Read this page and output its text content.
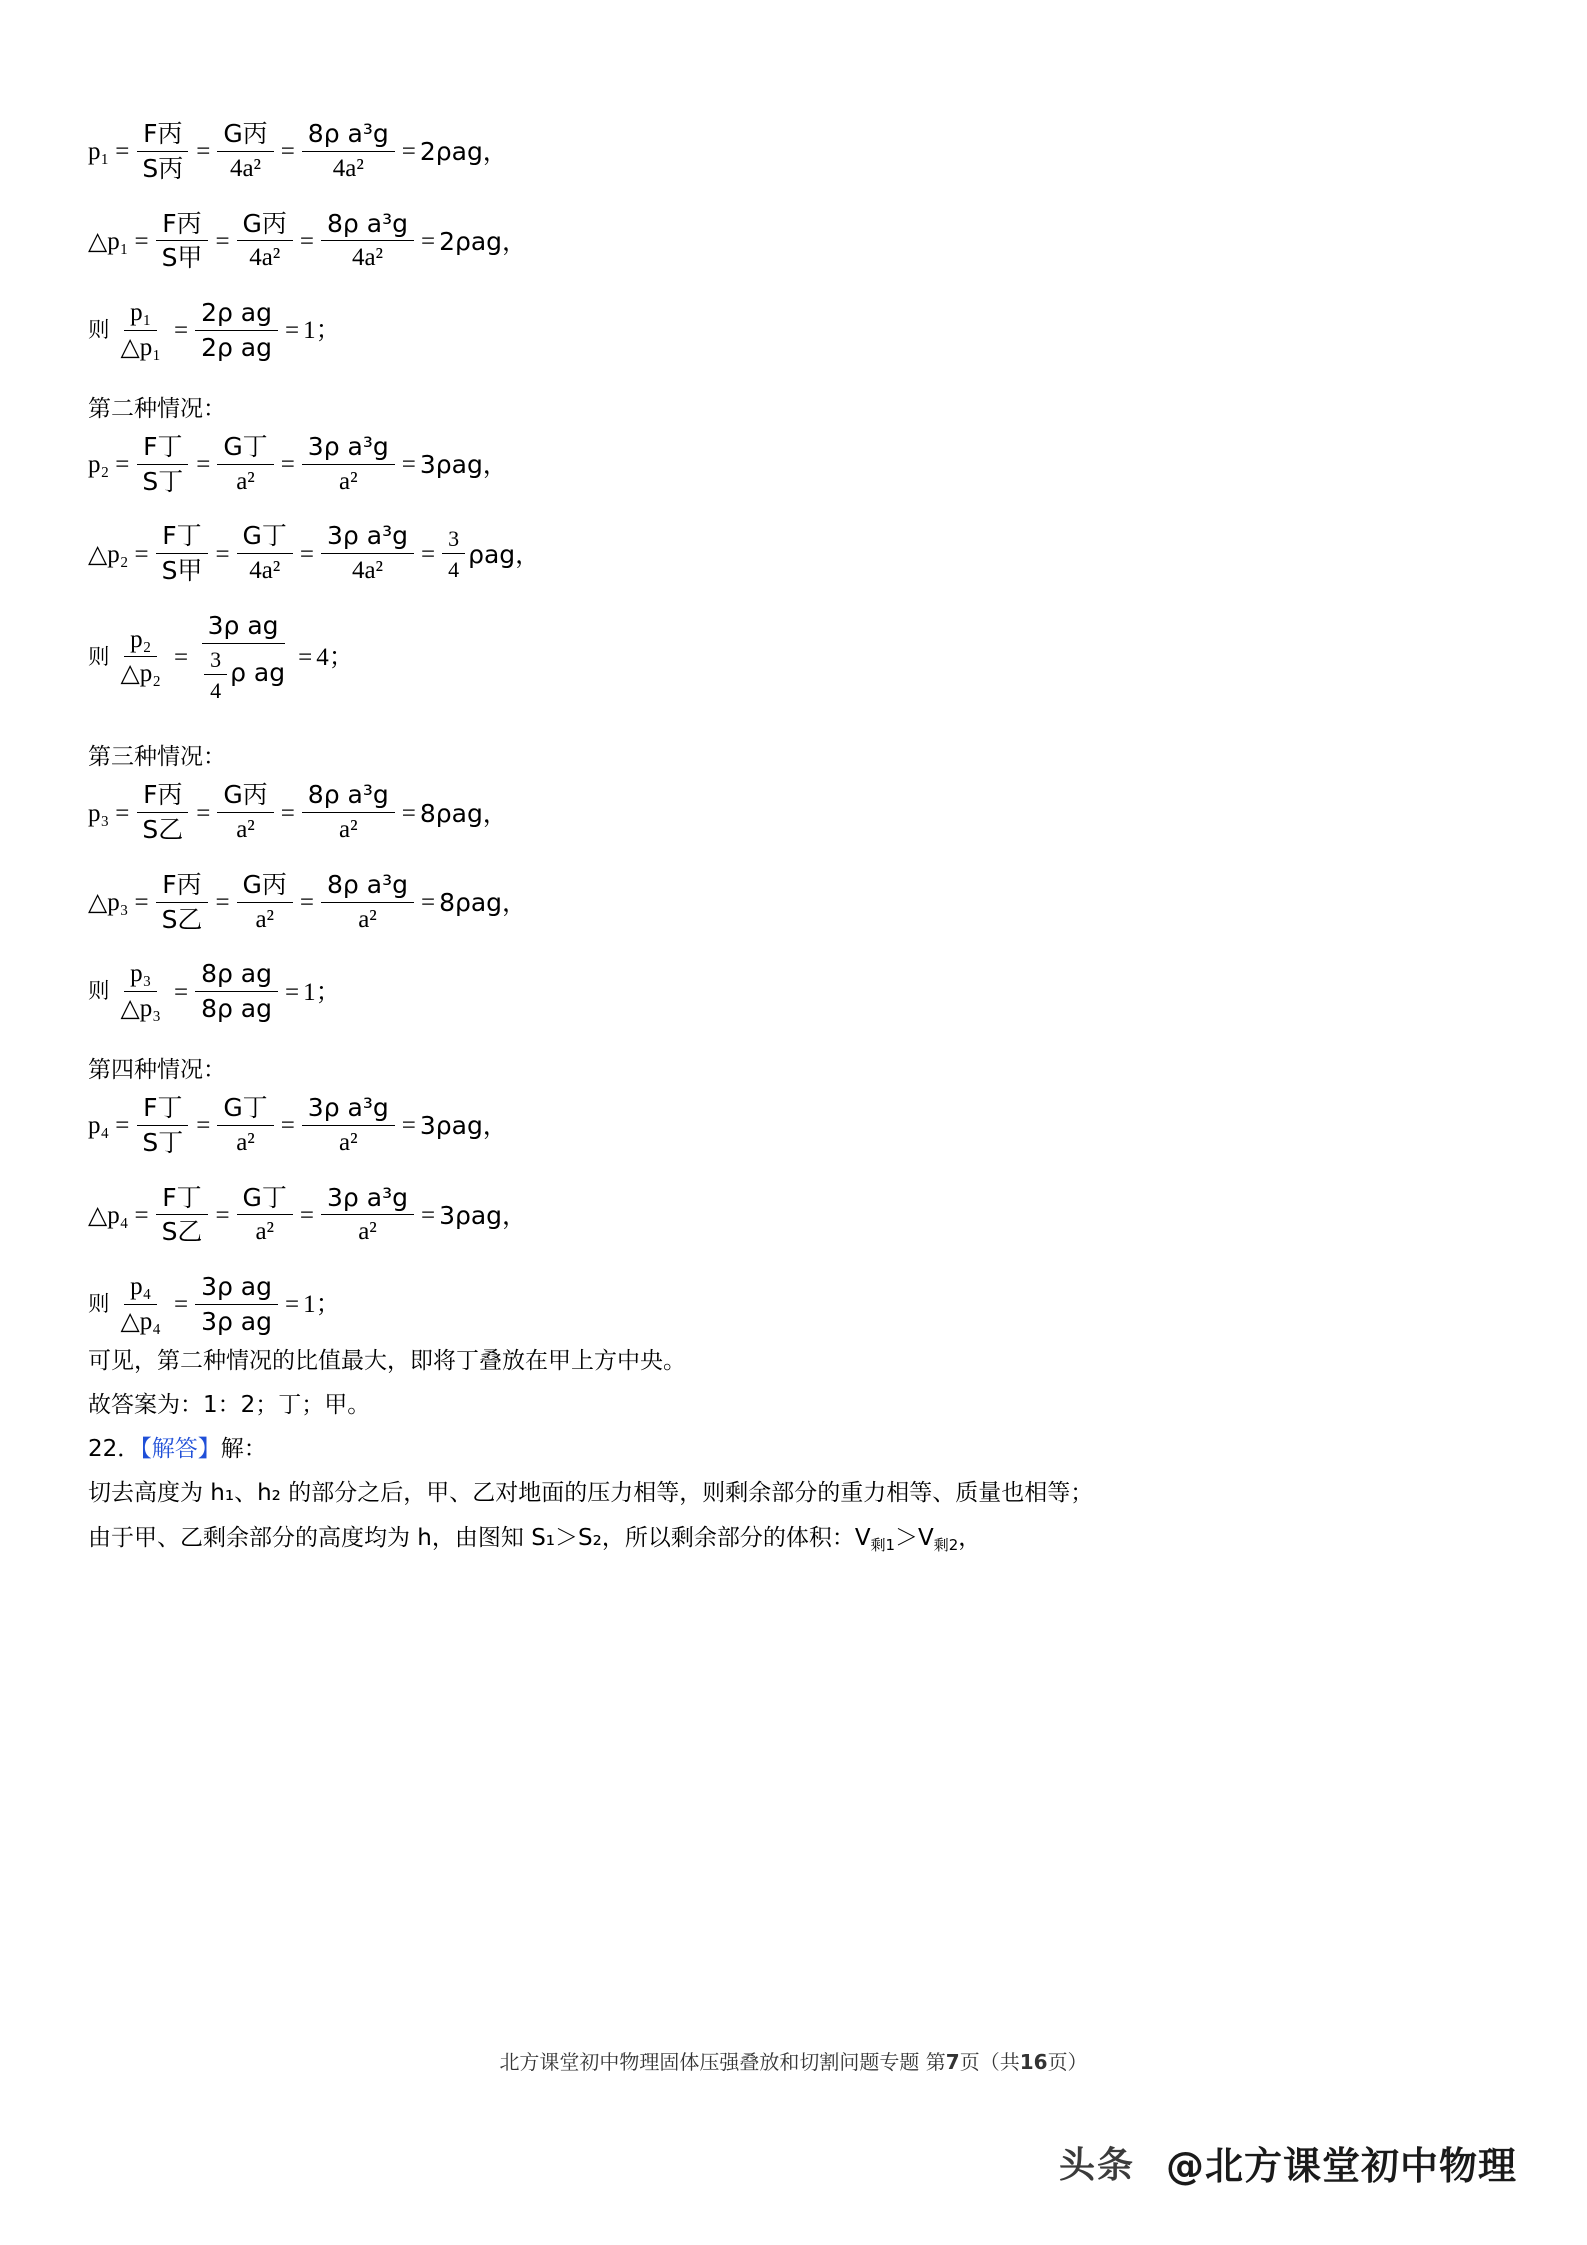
$p_1 = \frac{\text{F丙}}{\text{S丙}} = \frac{\text{G丙}}{\text{4a²}} = \frac{\text{8ρ a³g}}{\text{4a²}} = 2\rho ag$，
△p₁ = $\frac{\text{F丙}}{\text{S甲}} = \frac{\text{G丙}}{\text{4a²}} = \frac{\text{8ρ a³g}}{\text{4a²}} = 2\rho ag$，
则 $\frac{\text{p₁}}{\text{△p₁}} = \frac{\text{2ρ ag}}{\text{2ρ ag}} = 1$；
第二种情况：
$p_2 = \frac{\text{F丁}}{\text{S丁}} = \frac{\text{G丁}}{\text{a²}} = \frac{\text{3ρ a³g}}{\text{a²}} = 3\rho ag$，
△p₂ = $\frac{\text{F丁}}{\text{S甲}} = \frac{\text{G丁}}{\text{4a²}} = \frac{\text{3ρ a³g}}{\text{4a²}} = \frac{3}{4}$ ρag，
则 $\frac{\text{p₂}}{\text{△p₂}} = \frac{\text{3ρ ag}}{\frac{3}{4} \rho ag} = 4$；
第三种情况：
$p_3 = \frac{\text{F丙}}{\text{S乙}} = \frac{\text{G丙}}{\text{a²}} = \frac{\text{8ρ a³g}}{\text{a²}} = 8\rho ag$，
△p₃ = $\frac{\text{F丙}}{\text{S乙}} = \frac{\text{G丙}}{\text{a²}} = \frac{\text{8ρ a³g}}{\text{a²}} = 8\rho ag$，
则 $\frac{\text{p₃}}{\text{△p₃}} = \frac{\text{8ρ ag}}{\text{8ρ ag}} = 1$；
第四种情况：
$p_4 = \frac{\text{F丁}}{\text{S丁}} = \frac{\text{G丁}}{\text{a²}} = \frac{\text{3ρ a³g}}{\text{a²}} = 3\rho ag$，
△p₄ = $\frac{\text{F丁}}{\text{S乙}} = \frac{\text{G丁}}{\text{a²}} = \frac{\text{3ρ a³g}}{\text{a²}} = 3\rho ag$，
则 $\frac{\text{p₄}}{\text{△p₄}} = \frac{\text{3ρ ag}}{\text{3ρ ag}} = 1$；
可见，第二种情况的比值最大，即将丁叠放在甲上方中央。
故答案为：1：2；丁；甲。
22．【解答】解：
切去高度为 h₁、h₂ 的部分之后，甲、乙对地面的压力相等，则剩余部分的重力相等、质量也相等；
由于甲、乙剩余部分的高度均为 h，由图知 S₁＞S₂，所以剩余部分的体积：$V_{剩1}>V_{剩2}$，
北方课堂初中物理固体压强叠放和切割问题专题 第7页（共16页）
头条 @北方课堂初中物理
